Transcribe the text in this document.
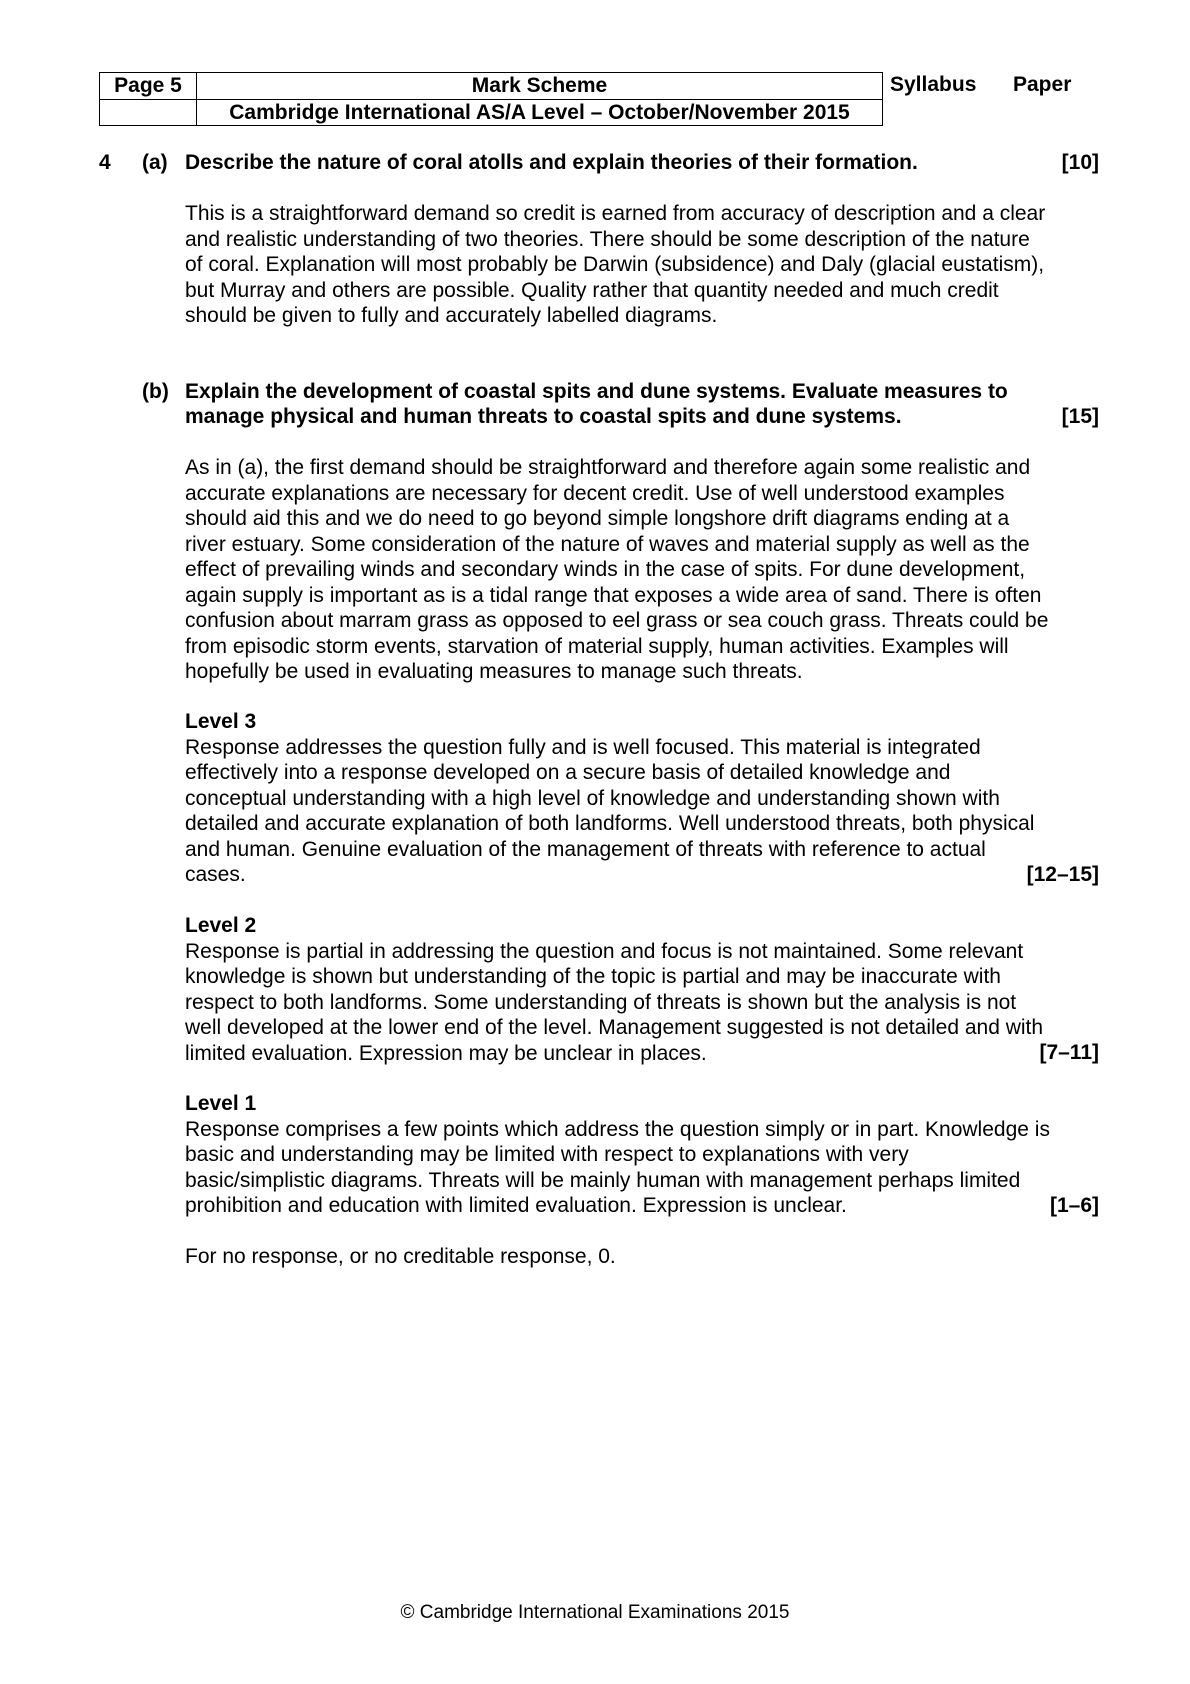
Page 5	Mark Scheme
	Cambridge International AS/A Level – October/November 2015
Syllabus Paper
4 (a) Describe the nature of coral atolls and explain theories of their formation.	[10]
This is a straightforward demand so credit is earned from accuracy of description and a clear
and realistic understanding of two theories. There should be some description of the nature
of coral. Explanation will most probably be Darwin (subsidence) and Daly (glacial eustatism),
but Murray and others are possible. Quality rather that quantity needed and much credit
should be given to fully and accurately labelled diagrams.
(b) Explain the development of coastal spits and dune systems. Evaluate measures to
manage physical and human threats to coastal spits and dune systems.	[15]
As in (a), the first demand should be straightforward and therefore again some realistic and
accurate explanations are necessary for decent credit. Use of well understood examples
should aid this and we do need to go beyond simple longshore drift diagrams ending at a
river estuary. Some consideration of the nature of waves and material supply as well as the
effect of prevailing winds and secondary winds in the case of spits. For dune development,
again supply is important as is a tidal range that exposes a wide area of sand. There is often
confusion about marram grass as opposed to eel grass or sea couch grass. Threats could be
from episodic storm events, starvation of material supply, human activities. Examples will
hopefully be used in evaluating measures to manage such threats.
Level 3
Response addresses the question fully and is well focused. This material is integrated
effectively into a response developed on a secure basis of detailed knowledge and
conceptual understanding with a high level of knowledge and understanding shown with
detailed and accurate explanation of both landforms. Well understood threats, both physical
and human. Genuine evaluation of the management of threats with reference to actual
cases.	[12–15]
Level 2
Response is partial in addressing the question and focus is not maintained. Some relevant
knowledge is shown but understanding of the topic is partial and may be inaccurate with
respect to both landforms. Some understanding of threats is shown but the analysis is not
well developed at the lower end of the level. Management suggested is not detailed and with
limited evaluation. Expression may be unclear in places.	[7–11]
Level 1
Response comprises a few points which address the question simply or in part. Knowledge is
basic and understanding may be limited with respect to explanations with very
basic/simplistic diagrams. Threats will be mainly human with management perhaps limited
prohibition and education with limited evaluation. Expression is unclear.	[1–6]
For no response, or no creditable response, 0.
© Cambridge International Examinations 2015
